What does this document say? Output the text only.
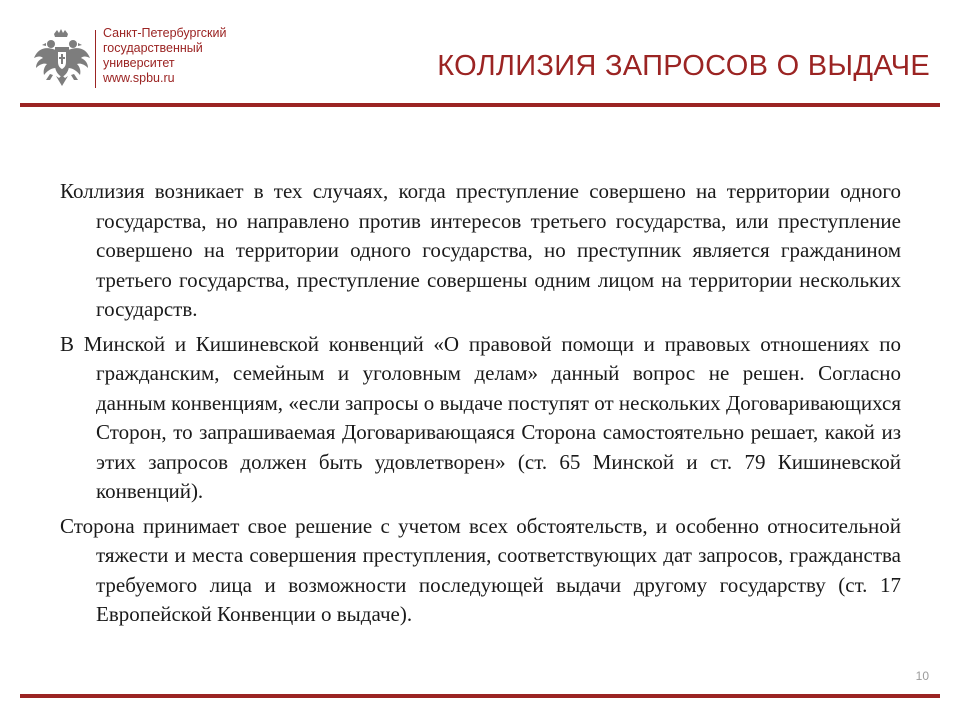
Санкт-Петербургский
государственный
университет
www.spbu.ru	КОЛЛИЗИЯ ЗАПРОСОВ О ВЫДАЧЕ

Коллизия возникает в тех случаях, когда преступление совершено на территории одного государства, но направлено против интересов третьего государства, или преступление совершено на территории одного государства, но преступник является гражданином третьего государства, преступление совершены одним лицом на территории нескольких государств.

В Минской и Кишиневской конвенций «О правовой помощи и правовых отношениях по гражданским, семейным и уголовным делам» данный вопрос не решен. Согласно данным конвенциям, «если запросы о выдаче поступят от нескольких Договаривающихся Сторон, то запрашиваемая Договаривающаяся Сторона самостоятельно решает, какой из этих запросов должен быть удовлетворен» (ст. 65 Минской и ст. 79 Кишиневской конвенций).

Сторона принимает свое решение с учетом всех обстоятельств, и особенно относительной тяжести и места совершения преступления, соответствующих дат запросов, гражданства требуемого лица и возможности последующей выдачи другому государству (ст. 17 Европейской Конвенции о выдаче).

10
